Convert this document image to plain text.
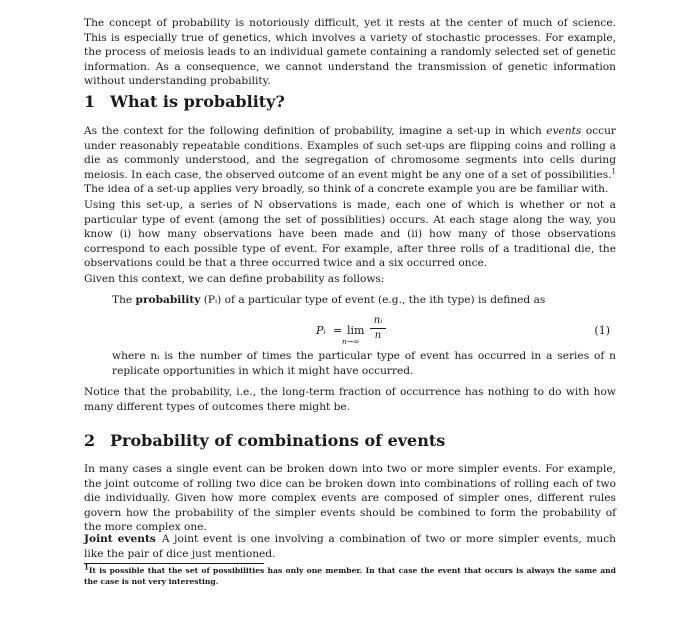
The concept of probability is notoriously difficult, yet it rests at the center of much of science. This is especially true of genetics, which involves a variety of stochastic processes. For example, the process of meiosis leads to an individual gamete containing a randomly selected set of genetic information. As a consequence, we cannot understand the transmission of genetic information without understanding probability.

1 What is probablity?

As the context for the following definition of probability, imagine a set-up in which events occur under reasonably repeatable conditions. Examples of such set-ups are flipping coins and rolling a die as commonly understood, and the segregation of chromosome segments into cells during meiosis. In each case, the observed outcome of an event might be any one of a set of possibilities.$^1$ The idea of a set-up applies very broadly, so think of a concrete example you are be familiar with.

Using this set-up, a series of N observations is made, each one of which is whether or not a particular type of event (among the set of possiblities) occurs. At each stage along the way, you know (i) how many observations have been made and (ii) how many of those observations correspond to each possible type of event. For example, after three rolls of a traditional die, the observations could be that a three occurred twice and a six occurred once.

Given this context, we can define probability as follows:

The probability (Pᵢ) of a particular type of event (e.g., the ith type) is defined as

Pᵢ = lim
n→∞
nᵢ
n	(1)

where nᵢ is the number of times the particular type of event has occurred in a series of n replicate opportunities in which it might have occurred.

Notice that the probability, i.e., the long-term fraction of occurrence has nothing to do with how many different types of outcomes there might be.

2 Probability of combinations of events

In many cases a single event can be broken down into two or more simpler events. For example, the joint outcome of rolling two dice can be broken down into combinations of rolling each of two die individually. Given how more complex events are composed of simpler ones, different rules govern how the probability of the simpler events should be combined to form the probability of the more complex one.

Joint events A joint event is one involving a combination of two or more simpler events, much like the pair of dice just mentioned.

$^1$It is possible that the set of possibilities has only one member. In that case the event that occurs is always the same and the case is not very interesting.
